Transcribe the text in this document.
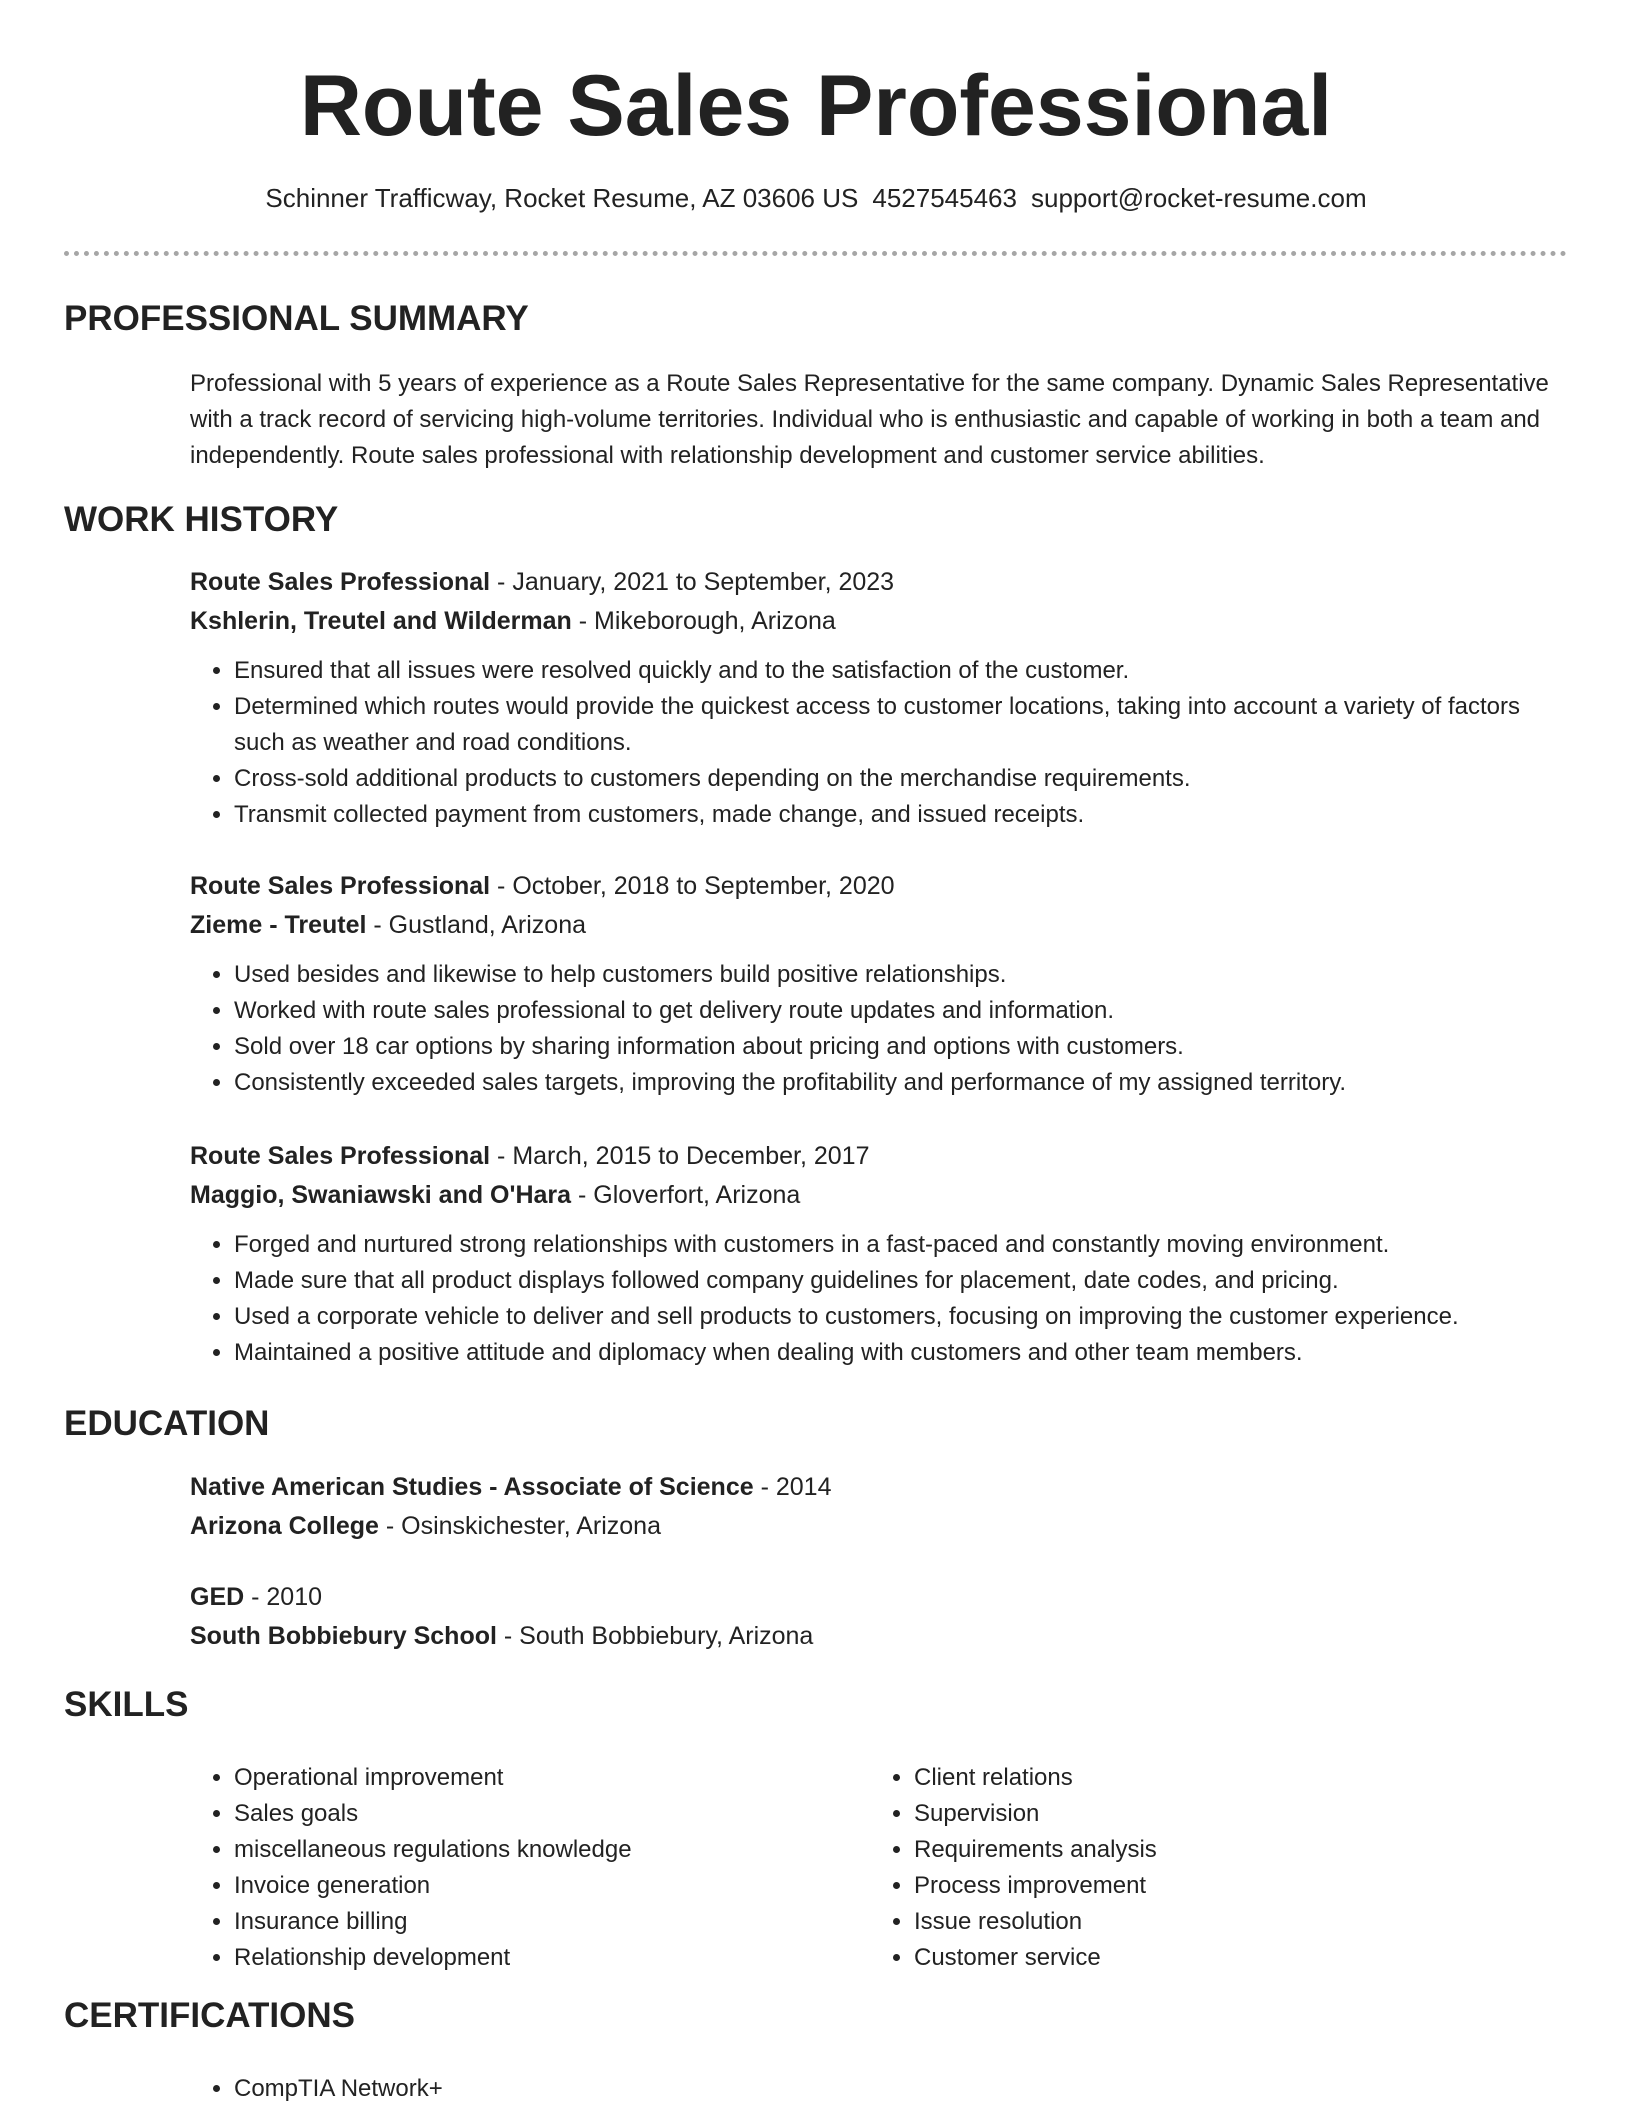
Route Sales Professional
Schinner Trafficway, Rocket Resume, AZ 03606 US 4527545463 support@rocket-resume.com
PROFESSIONAL SUMMARY

Professional with 5 years of experience as a Route Sales Representative for the same company. Dynamic Sales Representative with a track record of servicing high-volume territories. Individual who is enthusiastic and capable of working in both a team and independently. Route sales professional with relationship development and customer service abilities.

WORK HISTORY
Route Sales Professional - January, 2021 to September, 2023
Kshlerin, Treutel and Wilderman - Mikeborough, Arizona
• Ensured that all issues were resolved quickly and to the satisfaction of the customer.
• Determined which routes would provide the quickest access to customer locations, taking into account a variety of factors such as weather and road conditions.
• Cross-sold additional products to customers depending on the merchandise requirements.
• Transmit collected payment from customers, made change, and issued receipts.
Route Sales Professional - October, 2018 to September, 2020
Zieme - Treutel - Gustland, Arizona
• Used besides and likewise to help customers build positive relationships.
• Worked with route sales professional to get delivery route updates and information.
• Sold over 18 car options by sharing information about pricing and options with customers.
• Consistently exceeded sales targets, improving the profitability and performance of my assigned territory.
Route Sales Professional - March, 2015 to December, 2017
Maggio, Swaniawski and O'Hara - Gloverfort, Arizona
• Forged and nurtured strong relationships with customers in a fast-paced and constantly moving environment.
• Made sure that all product displays followed company guidelines for placement, date codes, and pricing.
• Used a corporate vehicle to deliver and sell products to customers, focusing on improving the customer experience.
• Maintained a positive attitude and diplomacy when dealing with customers and other team members.
EDUCATION
Native American Studies - Associate of Science - 2014
Arizona College - Osinskichester, Arizona
GED - 2010
South Bobbiebury School - South Bobbiebury, Arizona
SKILLS
• Operational improvement
• Sales goals
• miscellaneous regulations knowledge
• Invoice generation
• Insurance billing
• Relationship development
• Client relations
• Supervision
• Requirements analysis
• Process improvement
• Issue resolution
• Customer service
CERTIFICATIONS
• CompTIA Network+
